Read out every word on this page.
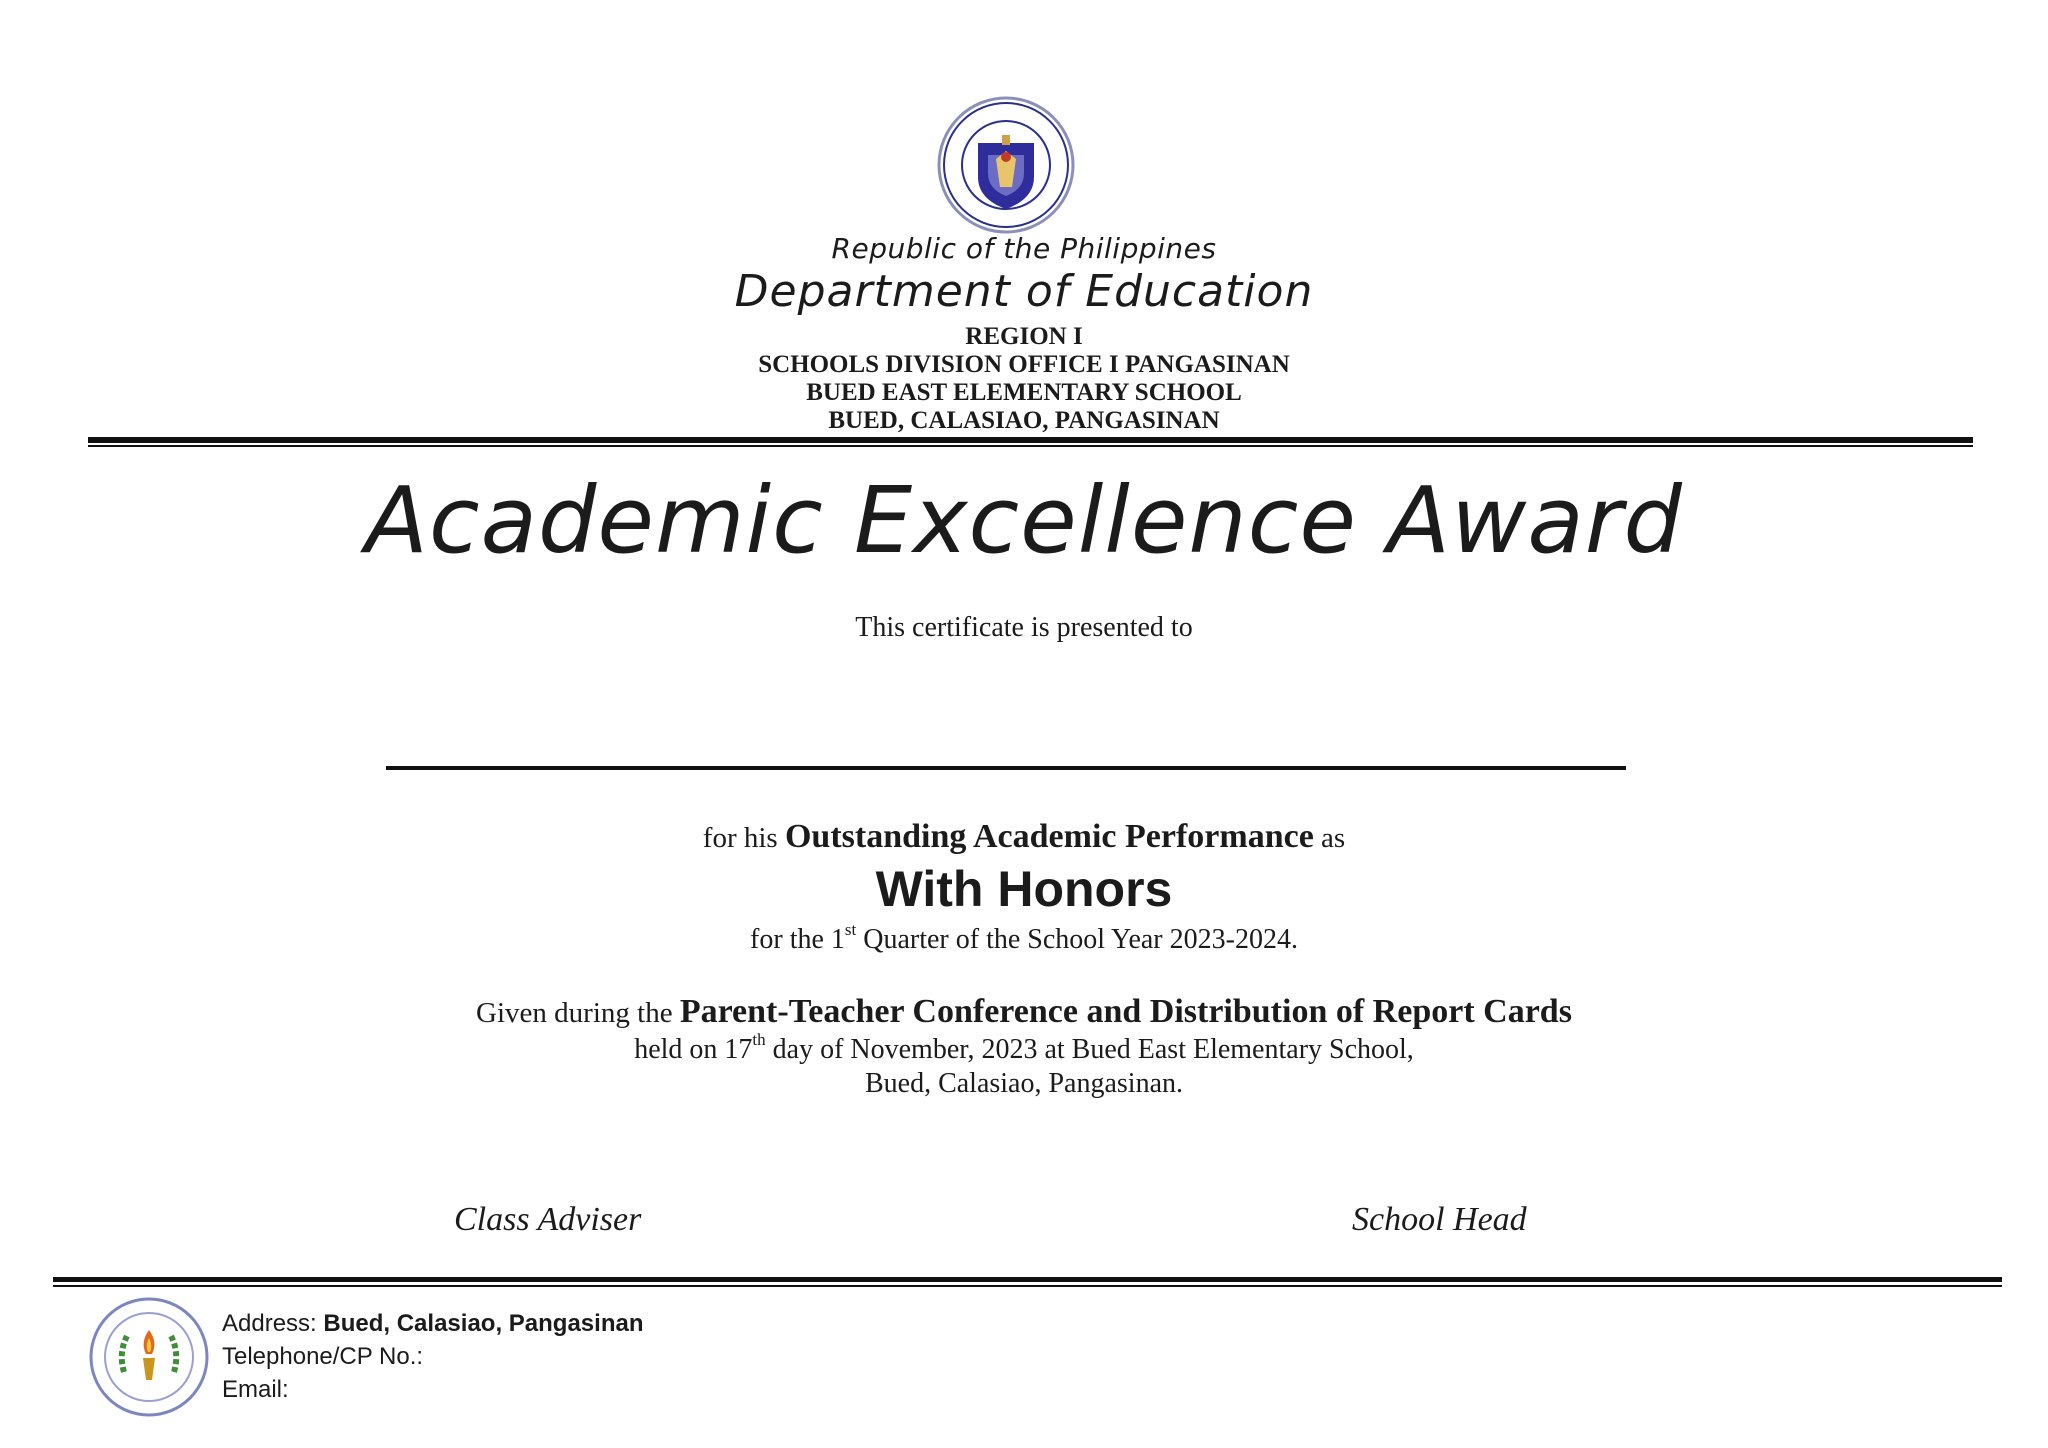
Republic of the Philippines
Department of Education
REGION I
SCHOOLS DIVISION OFFICE I PANGASINAN
BUED EAST ELEMENTARY SCHOOL
BUED, CALASIAO, PANGASINAN
Academic Excellence Award
This certificate is presented to
for his Outstanding Academic Performance as
With Honors
for the 1st Quarter of the School Year 2023-2024.
Given during the Parent-Teacher Conference and Distribution of Report Cards
held on 17th day of November, 2023 at Bued East Elementary School,
Bued, Calasiao, Pangasinan.
Class Adviser	School Head
Address: Bued, Calasiao, Pangasinan
Telephone/CP No.:
Email:
